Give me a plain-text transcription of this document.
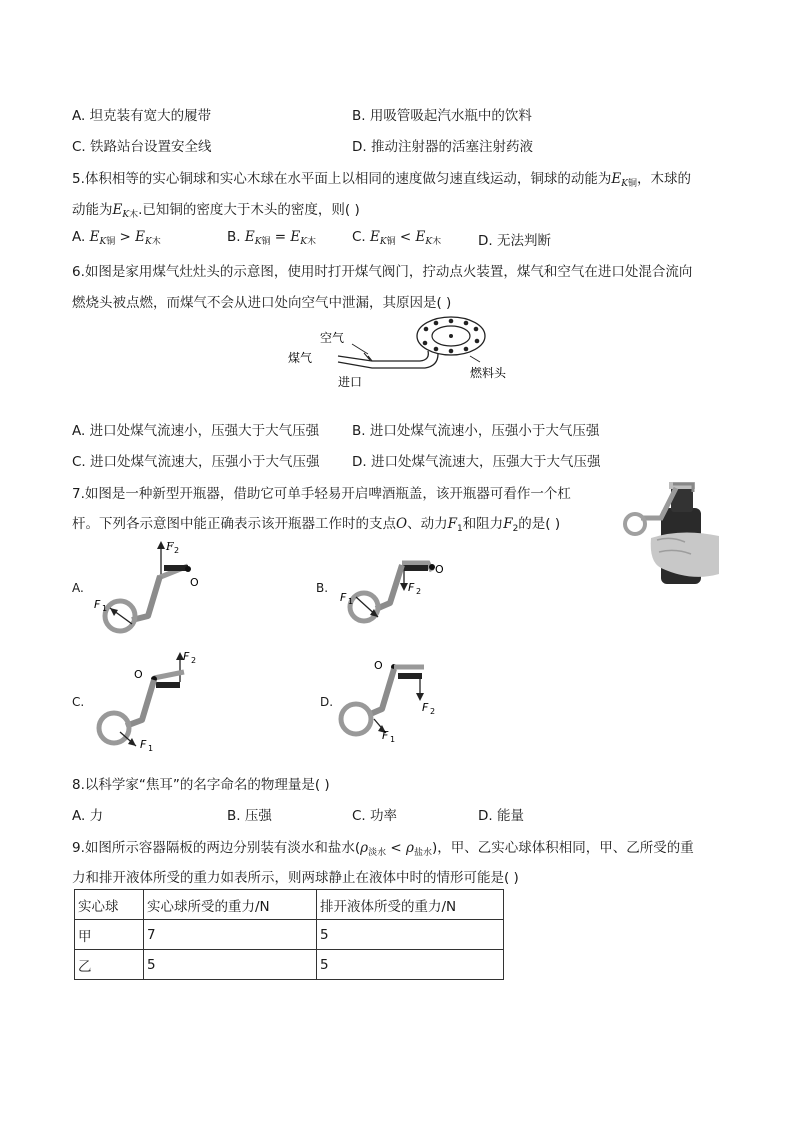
A. 坦克装有宽大的履带	B. 用吸管吸起汽水瓶中的饮料
C. 铁路站台设置安全线	D. 推动注射器的活塞注射药液
5.体积相等的实心铜球和实心木球在水平面上以相同的速度做匀速直线运动，铜球的动能为$E_{K铜}$，木球的
动能为$E_{K木}$.已知铜的密度大于木头的密度，则( )
A. $E_{K铜} > E_{K木}$	B. $E_{K铜} = E_{K木}$	C. $E_{K铜} < E_{K木}$	D. 无法判断
6.如图是家用煤气灶灶头的示意图，使用时打开煤气阀门，拧动点火装置，煤气和空气在进口处混合流向
燃烧头被点燃，而煤气不会从进口处向空气中泄漏，其原因是( )
空气
煤气
进口
燃料头
A. 进口处煤气流速小，压强大于大气压强 B. 进口处煤气流速小，压强小于大气压强
C. 进口处煤气流速大，压强小于大气压强 D. 进口处煤气流速大，压强大于大气压强
7.如图是一种新型开瓶器，借助它可单手轻易开启啤酒瓶盖，该开瓶器可看作一个杠
杆。下列各示意图中能正确表示该开瓶器工作时的支点O、动力$F_1$和阻力$F_2$的是( )
A.
F 2
O
F 1
B.
O
F 2
F 1
C.
F 2
O
F 1
D.
O
F 2
F 1
8.以科学家“焦耳”的名字命名的物理量是( )
A. 力	B. 压强	C. 功率	D. 能量
9.如图所示容器隔板的两边分别装有淡水和盐水$(\rho_{淡水} < \rho_{盐水})$，甲、乙实心球体积相同，甲、乙所受的重
力和排开液体所受的重力如表所示，则两球静止在液体中时的情形可能是( )
实心球	实心球所受的重力/N	排开液体所受的重力/N
甲	7	5
乙	5	5
